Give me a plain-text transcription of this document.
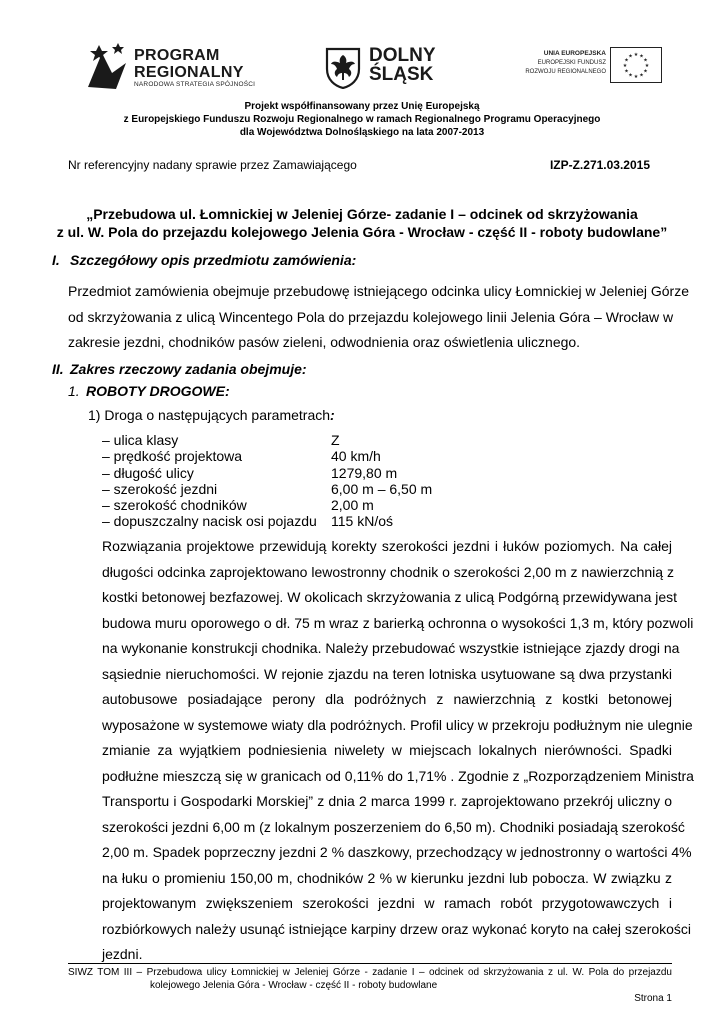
PROGRAM
REGIONALNY
NARODOWA STRATEGIA SPÓJNOŚCI
DOLNY
ŚLĄSK
UNIA EUROPEJSKA
EUROPEJSKI FUNDUSZ
ROZWOJU REGIONALNEGO
★ ★
★
★
★
★
★
★
★
★
★
★
Projekt współfinansowany przez Unię Europejską
z Europejskiego Funduszu Rozwoju Regionalnego w ramach Regionalnego Programu Operacyjnego
dla Województwa Dolnośląskiego na lata 2007-2013
Nr referencyjny nadany sprawie przez Zamawiającego	IZP-Z.271.03.2015
„Przebudowa ul. Łomnickiej w Jeleniej Górze- zadanie I – odcinek od skrzyżowania
z ul. W. Pola do przejazdu kolejowego Jelenia Góra - Wrocław - część II - roboty budowlane”
I. Szczegółowy opis przedmiotu zamówienia:
Przedmiot zamówienia obejmuje przebudowę istniejącego odcinka ulicy Łomnickiej w Jeleniej Górze
od skrzyżowania z ulicą Wincentego Pola do przejazdu kolejowego linii Jelenia Góra – Wrocław w
zakresie jezdni, chodników pasów zieleni, odwodnienia oraz oświetlenia ulicznego.
II. Zakres rzeczowy zadania obejmuje:
1. ROBOTY DROGOWE:
1) Droga o następujących parametrach:
– ulica klasy	Z
– prędkość projektowa	40 km/h
– długość ulicy	1279,80 m
– szerokość jezdni	6,00 m – 6,50 m
– szerokość chodników	2,00 m
– dopuszczalny nacisk osi pojazdu 115 kN/oś
Rozwiązania projektowe przewidują korekty szerokości jezdni i łuków poziomych. Na całej
długości odcinka zaprojektowano lewostronny chodnik o szerokości 2,00 m z nawierzchnią z
kostki betonowej bezfazowej. W okolicach skrzyżowania z ulicą Podgórną przewidywana jest
budowa muru oporowego o dł. 75 m wraz z barierką ochronna o wysokości 1,3 m, który pozwoli
na wykonanie konstrukcji chodnika. Należy przebudować wszystkie istniejące zjazdy drogi na
sąsiednie nieruchomości. W rejonie zjazdu na teren lotniska usytuowane są dwa przystanki
autobusowe posiadające perony dla podróżnych z nawierzchnią z kostki betonowej
wyposażone w systemowe wiaty dla podróżnych. Profil ulicy w przekroju podłużnym nie ulegnie
zmianie za wyjątkiem podniesienia niwelety w miejscach lokalnych nierówności. Spadki
podłużne mieszczą się w granicach od 0,11% do 1,71% . Zgodnie z „Rozporządzeniem Ministra
Transportu i Gospodarki Morskiej” z dnia 2 marca 1999 r. zaprojektowano przekrój uliczny o
szerokości jezdni 6,00 m (z lokalnym poszerzeniem do 6,50 m). Chodniki posiadają szerokość
2,00 m. Spadek poprzeczny jezdni 2 % daszkowy, przechodzący w jednostronny o wartości 4%
na łuku o promieniu 150,00 m, chodników 2 % w kierunku jezdni lub pobocza. W związku z
projektowanym zwiększeniem szerokości jezdni w ramach robót przygotowawczych i
rozbiórkowych należy usunąć istniejące karpiny drzew oraz wykonać koryto na całej szerokości
jezdni.
SIWZ TOM III – Przebudowa ulicy Łomnickiej w Jeleniej Górze - zadanie I – odcinek od skrzyżowania z ul. W. Pola do przejazdu
kolejowego Jelenia Góra - Wrocław - część II - roboty budowlane
Strona 1
